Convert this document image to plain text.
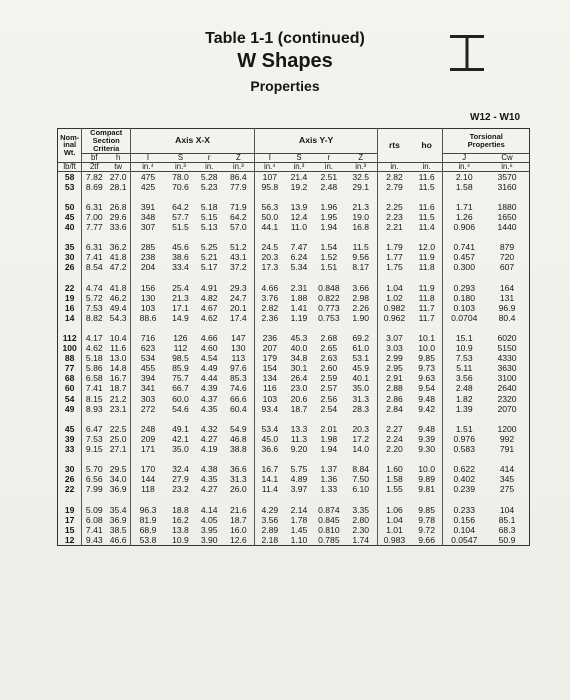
Table 1-1 (continued)
W Shapes
Properties
W12 - W10
Nom-
inal
Wt.	Compact
Section
Criteria		Axis X-X				Axis Y-Y				rts	ho	Torsional
Properties	
	bf	h	I	S	r	Z	I	S	r	Z			J	Cw
lb/ft	2tf	tw	in.⁴	in.³	in.	in.³	in.⁴	in.³	in.	in.³	in.	in.	in.⁴	in.⁶
58	7.82	27.0	475	78.0	5.28	86.4	107	21.4	2.51	32.5	2.82	11.6	2.10	3570
53	8.69	28.1	425	70.6	5.23	77.9	95.8	19.2	2.48	29.1	2.79	11.5	1.58	3160

50	6.31	26.8	391	64.2	5.18	71.9	56.3	13.9	1.96	21.3	2.25	11.6	1.71	1880
45	7.00	29.6	348	57.7	5.15	64.2	50.0	12.4	1.95	19.0	2.23	11.5	1.26	1650
40	7.77	33.6	307	51.5	5.13	57.0	44.1	11.0	1.94	16.8	2.21	11.4	0.906	1440

35	6.31	36.2	285	45.6	5.25	51.2	24.5	7.47	1.54	11.5	1.79	12.0	0.741	879
30	7.41	41.8	238	38.6	5.21	43.1	20.3	6.24	1.52	9.56	1.77	11.9	0.457	720
26	8.54	47.2	204	33.4	5.17	37.2	17.3	5.34	1.51	8.17	1.75	11.8	0.300	607

22	4.74	41.8	156	25.4	4.91	29.3	4.66	2.31	0.848	3.66	1.04	11.9	0.293	164
19	5.72	46.2	130	21.3	4.82	24.7	3.76	1.88	0.822	2.98	1.02	11.8	0.180	131
16	7.53	49.4	103	17.1	4.67	20.1	2.82	1.41	0.773	2.26	0.982	11.7	0.103	96.9
14	8.82	54.3	88.6	14.9	4.62	17.4	2.36	1.19	0.753	1.90	0.962	11.7	0.0704	80.4

112	4.17	10.4	716	126	4.66	147	236	45.3	2.68	69.2	3.07	10.1	15.1	6020
100	4.62	11.6	623	112	4.60	130	207	40.0	2.65	61.0	3.03	10.0	10.9	5150
88	5.18	13.0	534	98.5	4.54	113	179	34.8	2.63	53.1	2.99	9.85	7.53	4330
77	5.86	14.8	455	85.9	4.49	97.6	154	30.1	2.60	45.9	2.95	9.73	5.11	3630
68	6.58	16.7	394	75.7	4.44	85.3	134	26.4	2.59	40.1	2.91	9.63	3.56	3100
60	7.41	18.7	341	66.7	4.39	74.6	116	23.0	2.57	35.0	2.88	9.54	2.48	2640
54	8.15	21.2	303	60.0	4.37	66.6	103	20.6	2.56	31.3	2.86	9.48	1.82	2320
49	8.93	23.1	272	54.6	4.35	60.4	93.4	18.7	2.54	28.3	2.84	9.42	1.39	2070

45	6.47	22.5	248	49.1	4.32	54.9	53.4	13.3	2.01	20.3	2.27	9.48	1.51	1200
39	7.53	25.0	209	42.1	4.27	46.8	45.0	11.3	1.98	17.2	2.24	9.39	0.976	992
33	9.15	27.1	171	35.0	4.19	38.8	36.6	9.20	1.94	14.0	2.20	9.30	0.583	791

30	5.70	29.5	170	32.4	4.38	36.6	16.7	5.75	1.37	8.84	1.60	10.0	0.622	414
26	6.56	34.0	144	27.9	4.35	31.3	14.1	4.89	1.36	7.50	1.58	9.89	0.402	345
22	7.99	36.9	118	23.2	4.27	26.0	11.4	3.97	1.33	6.10	1.55	9.81	0.239	275

19	5.09	35.4	96.3	18.8	4.14	21.6	4.29	2.14	0.874	3.35	1.06	9.85	0.233	104
17	6.08	36.9	81.9	16.2	4.05	18.7	3.56	1.78	0.845	2.80	1.04	9.78	0.156	85.1
15	7.41	38.5	68.9	13.8	3.95	16.0	2.89	1.45	0.810	2.30	1.01	9.72	0.104	68.3
12	9.43	46.6	53.8	10.9	3.90	12.6	2.18	1.10	0.785	1.74	0.983	9.66	0.0547	50.9
